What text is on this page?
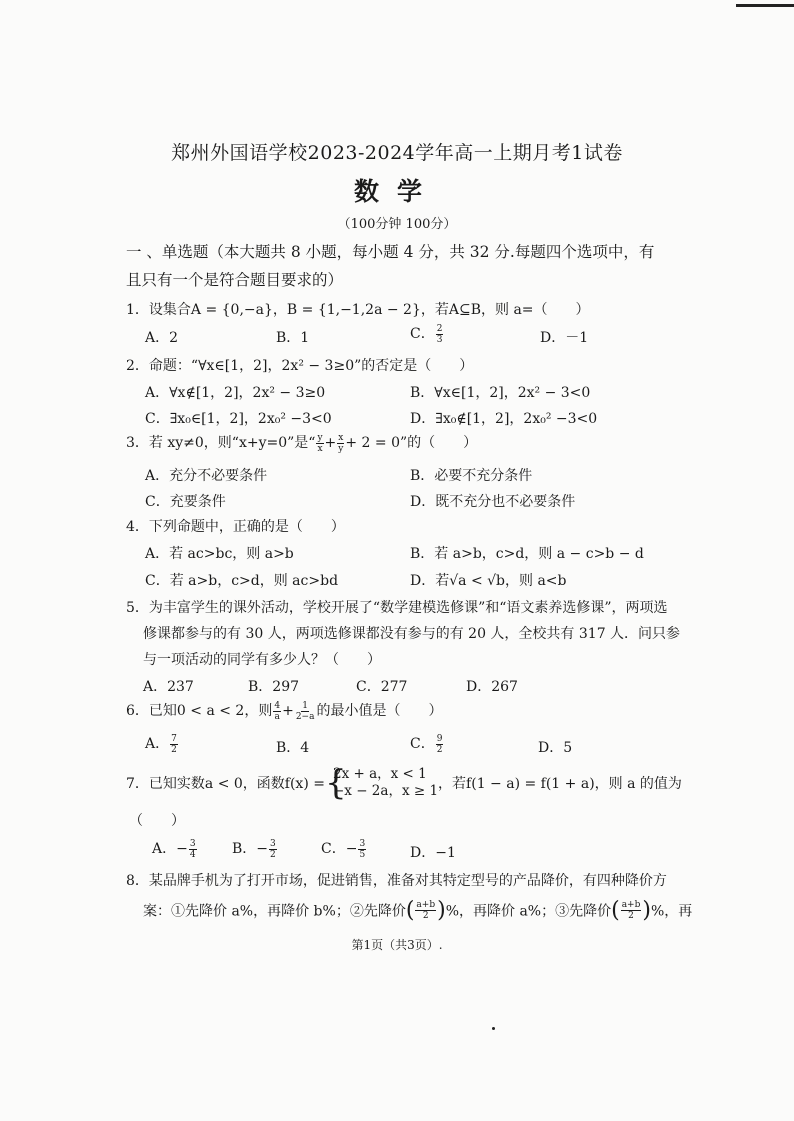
郑州外国语学校2023-2024学年高一上期月考1试卷
数学
（100分钟 100分）
一 、单选题（本大题共 8 小题，每小题 4 分，共 32 分.每题四个选项中，有
且只有一个是符合题目要求的）
1．设集合A = {0,−a}，B = {1,−1,2a − 2}，若A⊆B，则 a=（　　）
A．2	B．1	C． $\frac{2}{3}$	D．－1
2．命题：“∀x∈[1，2]，2x² − 3≥0”的否定是（　　）
A．∀x∉[1，2]，2x² − 3≥0	B．∀x∈[1，2]，2x² − 3<0
C．∃x₀∈[1，2]，2x₀² −3<0	D．∃x₀∉[1，2]，2x₀² −3<0
3．若 xy≠0，则“x+y=0”是“ $\frac{y}{x} + \frac{x}{y} + 2 = 0$”的（　　）
A．充分不必要条件	B．必要不充分条件
C．充要条件	D．既不充分也不必要条件
4．下列命题中，正确的是（　　）
A．若 ac>bc，则 a>b	B．若 a>b，c>d，则 a − c>b − d
C．若 a>b，c>d，则 ac>bd	D．若√a < √b，则 a<b
5．为丰富学生的课外活动，学校开展了“数学建模选修课”和“语文素养选修课”，两项选
修课都参与的有 30 人，两项选修课都没有参与的有 20 人，全校共有 317 人．问只参
与一项活动的同学有多少人？（　　）
A．237	B．297	C．277	D．267
6．已知0 < a < 2，则 $\frac{4}{a} + \frac{1}{2-a}$ 的最小值是（　　）
A． $\frac{7}{2}$	B．4	C． $\frac{9}{2}$	D．5
7．已知实数a < 0，函数f(x) = {
2x + a，x < 1
−x − 2a，x ≥ 1 ，若f(1 − a) = f(1 + a)，则 a 的值为
（　　）
A．− $\frac{3}{4}$	B．− $\frac{3}{2}$	C．− $\frac{3}{5}$	D．−1
8．某品牌手机为了打开市场，促进销售，准备对其特定型号的产品降价，有四种降价方
案：①先降价 a%，再降价 b%；②先降价( $\frac{a+b}{2}$ )%，再降价 a%；③先降价( $\frac{a+b}{2}$ )%，再
第1页（共3页）.
